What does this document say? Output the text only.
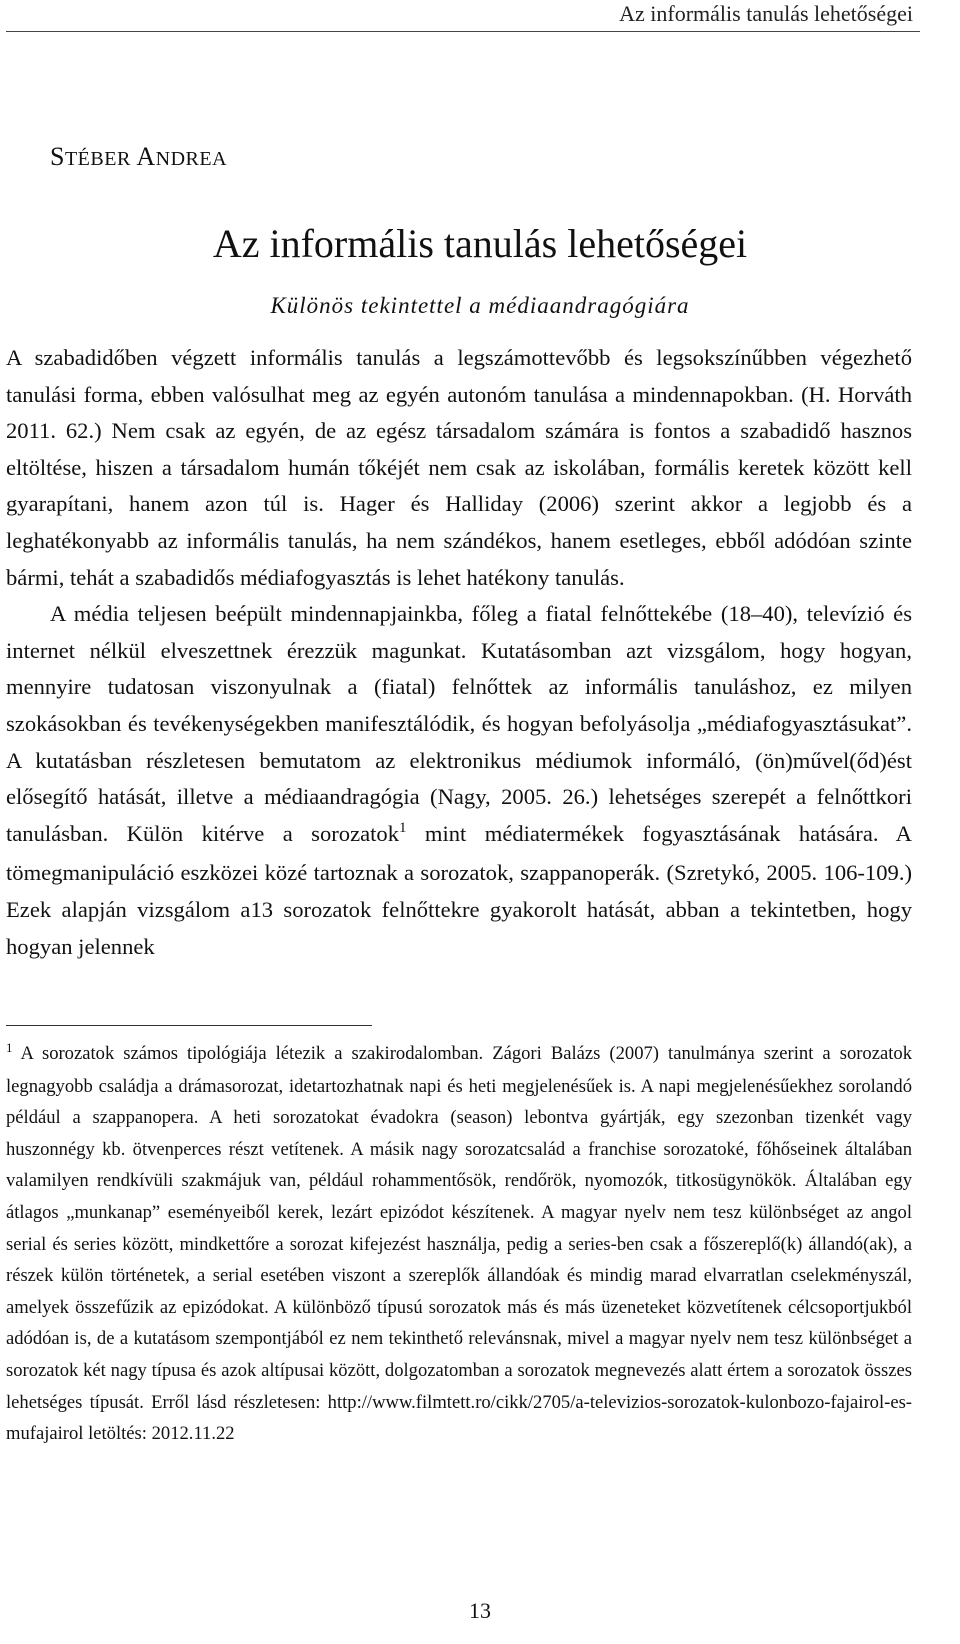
Az informális tanulás lehetőségei
STÉBER ANDREA
Az informális tanulás lehetőségei
Különös tekintettel a médiaandragógiára

A szabadidőben végzett informális tanulás a legszámottevőbb és legsokszínűbben végezhető tanulási forma, ebben valósulhat meg az egyén autonóm tanulása a mindennapokban. (H. Horváth 2011. 62.) Nem csak az egyén, de az egész társadalom számára is fontos a szabadidő hasznos eltöltése, hiszen a társadalom humán tőkéjét nem csak az iskolában, formális keretek között kell gyarapítani, hanem azon túl is. Hager és Halliday (2006) szerint akkor a legjobb és a leghatékonyabb az informális tanulás, ha nem szándékos, hanem esetleges, ebből adódóan szinte bármi, tehát a szabadidős médiafogyasztás is lehet hatékony tanulás.

A média teljesen beépült mindennapjainkba, főleg a fiatal felnőttekébe (18–40), televízió és internet nélkül elveszettnek érezzük magunkat. Kutatásomban azt vizsgálom, hogy hogyan, mennyire tudatosan viszonyulnak a (fiatal) felnőttek az informális tanuláshoz, ez milyen szokásokban és tevékenységekben manifesztálódik, és hogyan befolyásolja „médiafogyasztásukat”. A kutatásban részletesen bemutatom az elektronikus médiumok informáló, (ön)művel(őd)ést elősegítő hatását, illetve a médiaandragógia (Nagy, 2005. 26.) lehetséges szerepét a felnőttkori tanulásban. Külön kitérve a sorozatok$^1$ mint médiatermékek fogyasztásának hatására. A tömegmanipuláció eszközei közé tartoznak a sorozatok, szappanoperák. (Szretykó, 2005. 106-109.) Ezek alapján vizsgálom a13 sorozatok felnőttekre gyakorolt hatását, abban a tekintetben, hogy hogyan jelennek

$^1$ A sorozatok számos tipológiája létezik a szakirodalomban. Zágori Balázs (2007) tanulmánya szerint a sorozatok legnagyobb családja a drámasorozat, idetartozhatnak napi és heti megjelenésűek is. A napi megjelenésűekhez sorolandó például a szappanopera. A heti sorozatokat évadokra (season) lebontva gyártják, egy szezonban tizenkét vagy huszonnégy kb. ötvenperces részt vetítenek. A másik nagy sorozatcsalád a franchise sorozatoké, főhőseinek általában valamilyen rendkívüli szakmájuk van, például rohammentősök, rendőrök, nyomozók, titkosügynökök. Általában egy átlagos „munkanap” eseményeiből kerek, lezárt epizódot készítenek. A magyar nyelv nem tesz különbséget az angol serial és series között, mindkettőre a sorozat kifejezést használja, pedig a series-ben csak a főszereplő(k) állandó(ak), a részek külön történetek, a serial esetében viszont a szereplők állandóak és mindig marad elvarratlan cselekményszál, amelyek összefűzik az epizódokat. A különböző típusú sorozatok más és más üzeneteket közvetítenek célcsoportjukból adódóan is, de a kutatásom szempontjából ez nem tekinthető relevánsnak, mivel a magyar nyelv nem tesz különbséget a sorozatok két nagy típusa és azok altípusai között, dolgozatomban a sorozatok megnevezés alatt értem a sorozatok összes lehetséges típusát. Erről lásd részletesen: http://www.filmtett.ro/cikk/2705/a-televizios-sorozatok-kulonbozo-fajairol-es-mufajairol letöltés: 2012.11.22

13
